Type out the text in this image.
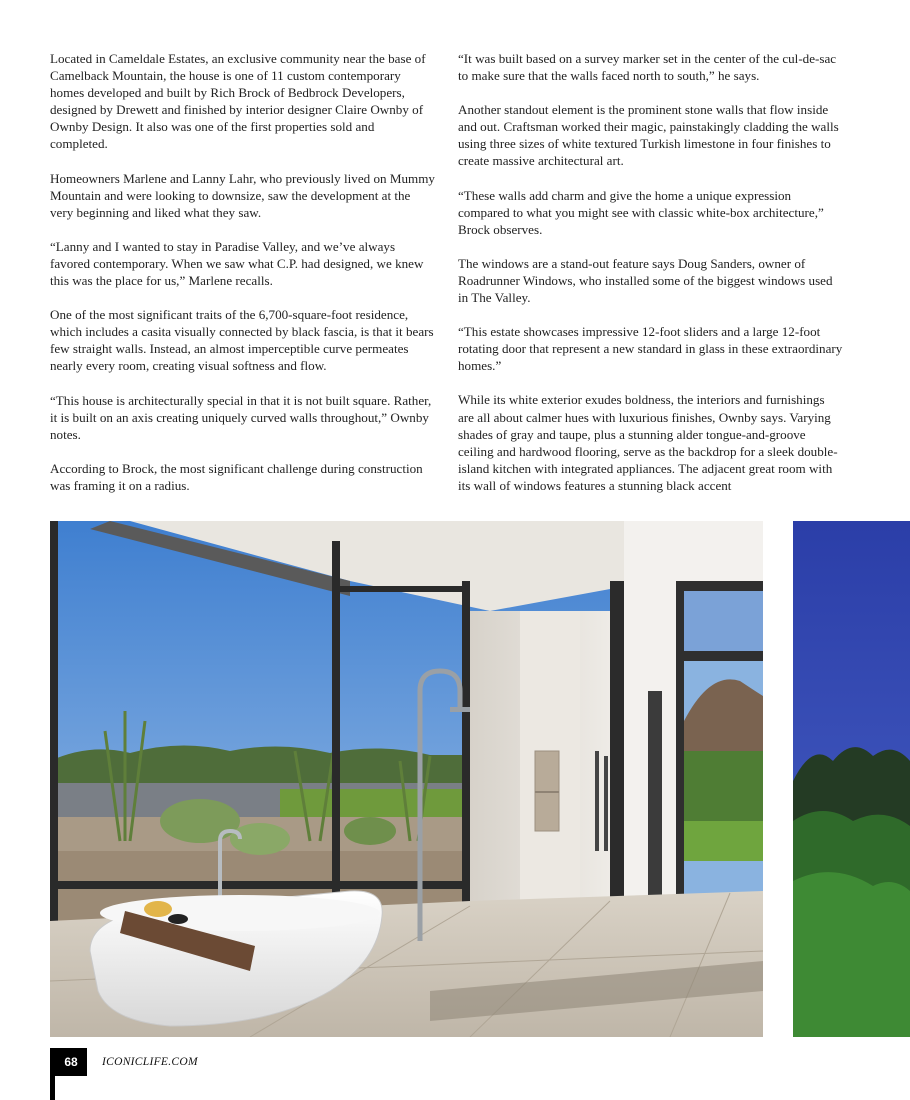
Located in Cameldale Estates, an exclusive community near the base of Camelback Mountain, the house is one of 11 custom contemporary homes developed and built by Rich Brock of Bedbrock Developers, designed by Drewett and finished by interior designer Claire Ownby of Ownby Design. It also was one of the first properties sold and completed.

Homeowners Marlene and Lanny Lahr, who previously lived on Mummy Mountain and were looking to downsize, saw the development at the very beginning and liked what they saw.

“Lanny and I wanted to stay in Paradise Valley, and we’ve always favored contemporary. When we saw what C.P. had designed, we knew this was the place for us,” Marlene recalls.

One of the most significant traits of the 6,700-square-foot residence, which includes a casita visually connected by black fascia, is that it bears few straight walls. Instead, an almost imperceptible curve permeates nearly every room, creating visual softness and flow.

“This house is architecturally special in that it is not built square. Rather, it is built on an axis creating uniquely curved walls throughout,” Ownby notes.

According to Brock, the most significant challenge during construction was framing it on a radius.

“It was built based on a survey marker set in the center of the cul-de-sac to make sure that the walls faced north to south,” he says.

Another standout element is the prominent stone walls that flow inside and out. Craftsman worked their magic, painstakingly cladding the walls using three sizes of white textured Turkish limestone in four finishes to create massive architectural art.

“These walls add charm and give the home a unique expression compared to what you might see with classic white-box architecture,” Brock observes.

The windows are a stand-out feature says Doug Sanders, owner of Roadrunner Windows, who installed some of the biggest windows used in The Valley.

“This estate showcases impressive 12-foot sliders and a large 12-foot rotating door that represent a new standard in glass in these extraordinary homes.”

While its white exterior exudes boldness, the interiors and furnishings are all about calmer hues with luxurious finishes, Ownby says. Varying shades of gray and taupe, plus a stunning alder tongue-and-groove ceiling and hardwood flooring, serve as the backdrop for a sleek double-island kitchen with integrated appliances. The adjacent great room with its wall of windows features a stunning black accent

68	ICONICLIFE.COM
